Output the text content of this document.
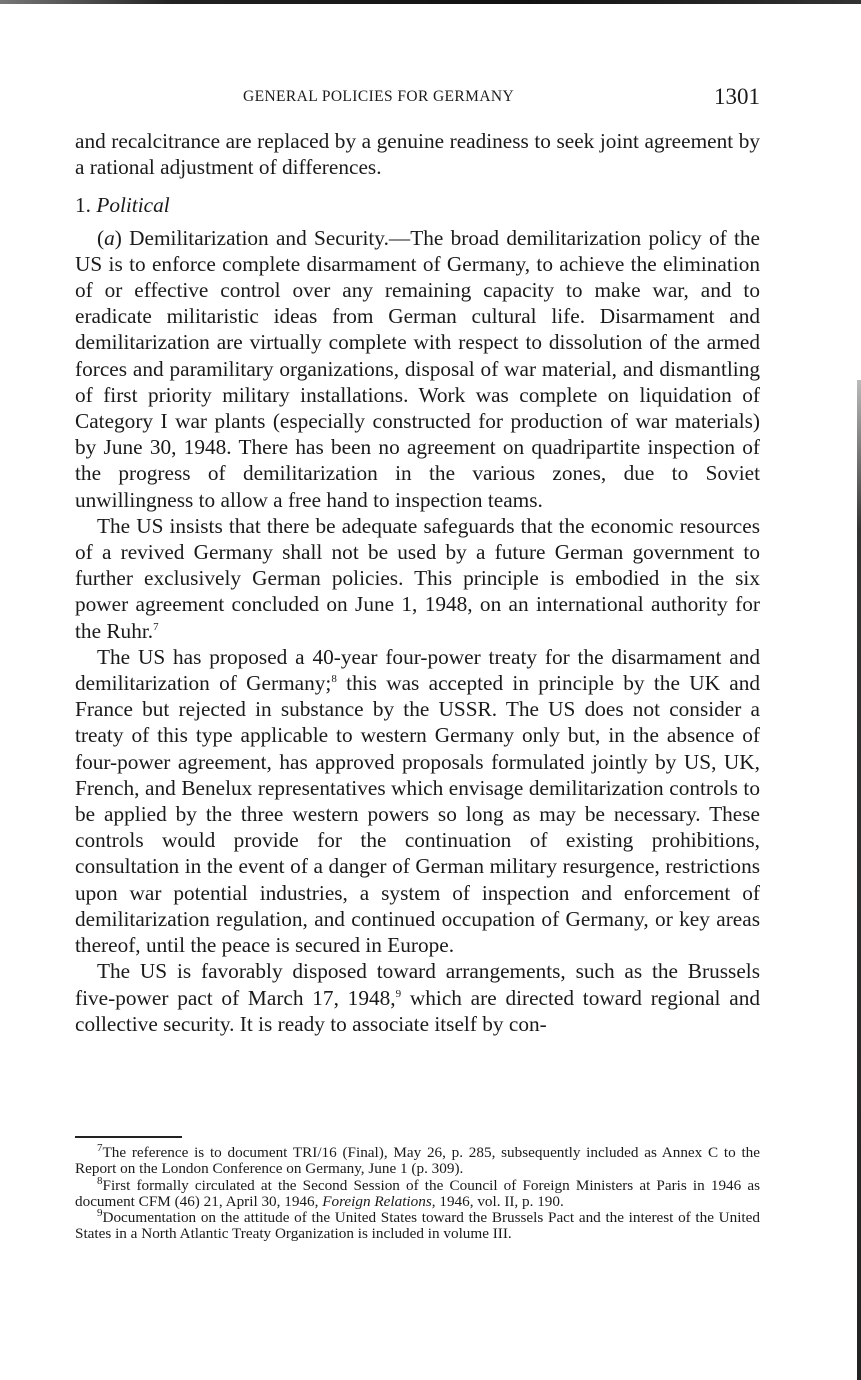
GENERAL POLICIES FOR GERMANY	1301

and recalcitrance are replaced by a genuine readiness to seek joint agreement by a rational adjustment of differences.

1. Political

(a) Demilitarization and Security.—The broad demilitarization policy of the US is to enforce complete disarmament of Germany, to achieve the elimination of or effective control over any remaining capacity to make war, and to eradicate militaristic ideas from German cultural life. Disarmament and demilitarization are virtually complete with respect to dissolution of the armed forces and paramilitary organizations, disposal of war material, and dismantling of first priority military installations. Work was complete on liquidation of Category I war plants (especially constructed for production of war materials) by June 30, 1948. There has been no agreement on quadripartite inspection of the progress of demilitarization in the various zones, due to Soviet unwillingness to allow a free hand to inspection teams.

The US insists that there be adequate safeguards that the economic resources of a revived Germany shall not be used by a future German government to further exclusively German policies. This principle is embodied in the six power agreement concluded on June 1, 1948, on an international authority for the Ruhr.$^7$

The US has proposed a 40-year four-power treaty for the disarmament and demilitarization of Germany;$^8$ this was accepted in principle by the UK and France but rejected in substance by the USSR. The US does not consider a treaty of this type applicable to western Germany only but, in the absence of four-power agreement, has approved proposals formulated jointly by US, UK, French, and Benelux representatives which envisage demilitarization controls to be applied by the three western powers so long as may be necessary. These controls would provide for the continuation of existing prohibitions, consultation in the event of a danger of German military resurgence, restrictions upon war potential industries, a system of inspection and enforcement of demilitarization regulation, and continued occupation of Germany, or key areas thereof, until the peace is secured in Europe.

The US is favorably disposed toward arrangements, such as the Brussels five-power pact of March 17, 1948,$^9$ which are directed toward regional and collective security. It is ready to associate itself by con-

$^7$The reference is to document TRI/16 (Final), May 26, p. 285, subsequently included as Annex C to the Report on the London Conference on Germany, June 1 (p. 309).

$^8$First formally circulated at the Second Session of the Council of Foreign Ministers at Paris in 1946 as document CFM (46) 21, April 30, 1946, Foreign Relations, 1946, vol. II, p. 190.

$^9$Documentation on the attitude of the United States toward the Brussels Pact and the interest of the United States in a North Atlantic Treaty Organization is included in volume III.
